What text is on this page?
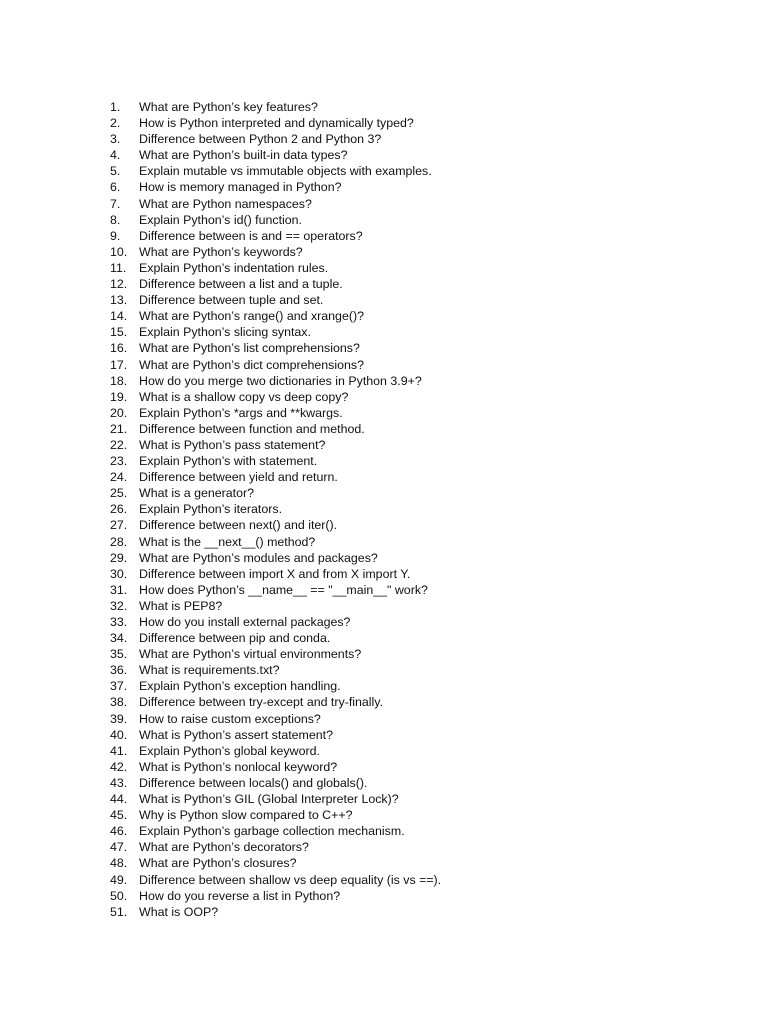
1.	What are Python’s key features?
2.	How is Python interpreted and dynamically typed?
3.	Difference between Python 2 and Python 3?
4.	What are Python’s built-in data types?
5.	Explain mutable vs immutable objects with examples.
6.	How is memory managed in Python?
7.	What are Python namespaces?
8.	Explain Python’s id() function.
9.	Difference between is and == operators?
10. What are Python’s keywords?
11.	Explain Python’s indentation rules.
12. Difference between a list and a tuple.
13. Difference between tuple and set.
14. What are Python’s range() and xrange()?
15. Explain Python’s slicing syntax.
16. What are Python’s list comprehensions?
17. What are Python’s dict comprehensions?
18. How do you merge two dictionaries in Python 3.9+?
19. What is a shallow copy vs deep copy?
20. Explain Python’s *args and **kwargs.
21. Difference between function and method.
22. What is Python’s pass statement?
23. Explain Python’s with statement.
24. Difference between yield and return.
25. What is a generator?
26. Explain Python’s iterators.
27. Difference between next() and iter().
28. What is the __next__() method?
29. What are Python’s modules and packages?
30. Difference between import X and from X import Y.
31. How does Python’s __name__ == "__main__" work?
32. What is PEP8?
33. How do you install external packages?
34. Difference between pip and conda.
35. What are Python’s virtual environments?
36. What is requirements.txt?
37. Explain Python’s exception handling.
38. Difference between try-except and try-finally.
39. How to raise custom exceptions?
40. What is Python’s assert statement?
41. Explain Python’s global keyword.
42. What is Python’s nonlocal keyword?
43. Difference between locals() and globals().
44. What is Python’s GIL (Global Interpreter Lock)?
45. Why is Python slow compared to C++?
46. Explain Python’s garbage collection mechanism.
47. What are Python’s decorators?
48. What are Python’s closures?
49. Difference between shallow vs deep equality (is vs ==).
50. How do you reverse a list in Python?
51. What is OOP?
